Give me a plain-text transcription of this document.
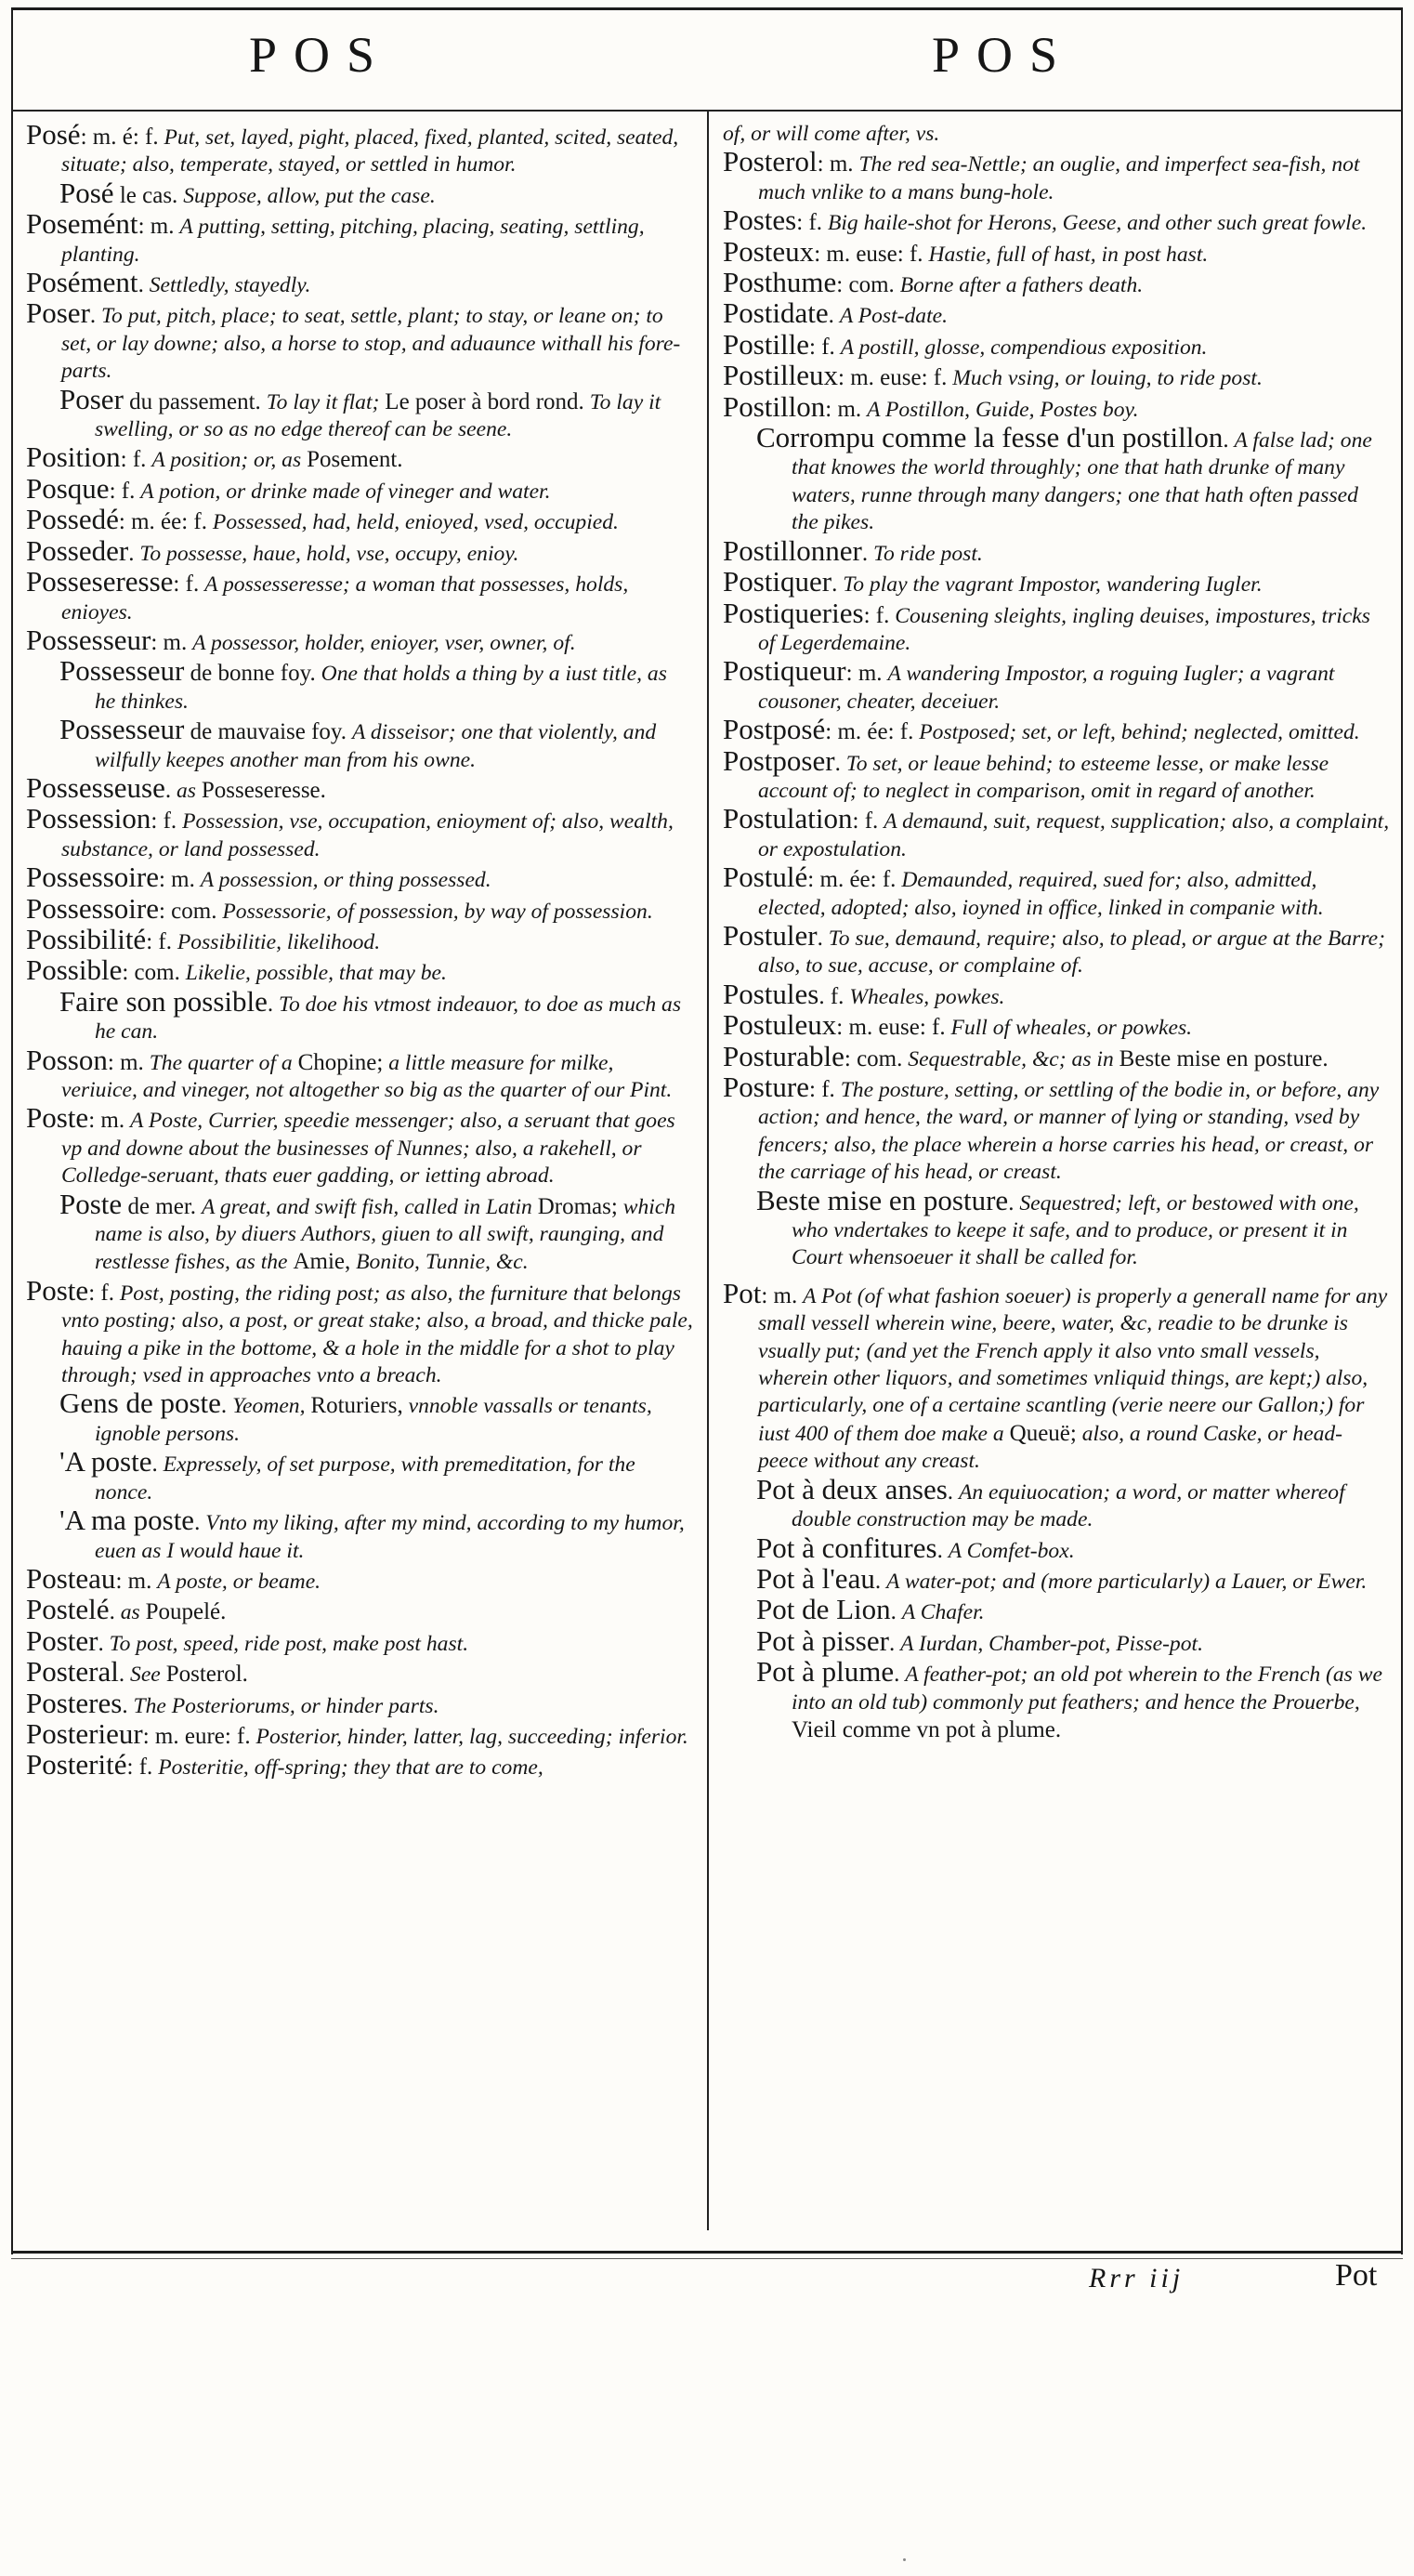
POS	POS

Posé: m. é: f. Put, set, layed, pight, placed, fixed, planted, scited, seated, situate; also, temperate, stayed, or settled in humor.

Posé le cas. Suppose, allow, put the case.

Posemént: m. A putting, setting, pitching, placing, seating, settling, planting.

Posément. Settledly, stayedly.

Poser. To put, pitch, place; to seat, settle, plant; to stay, or leane on; to set, or lay downe; also, a horse to stop, and aduaunce withall his fore-parts.

Poser du passement. To lay it flat; Le poser à bord rond. To lay it swelling, or so as no edge thereof can be seene.

Position: f. A position; or, as Posement.

Posque: f. A potion, or drinke made of vineger and water.

Possedé: m. ée: f. Possessed, had, held, enioyed, vsed, occupied.

Posseder. To possesse, haue, hold, vse, occupy, enioy.

Posseseresse: f. A possesseresse; a woman that possesses, holds, enioyes.

Possesseur: m. A possessor, holder, enioyer, vser, owner, of.

Possesseur de bonne foy. One that holds a thing by a iust title, as he thinkes.

Possesseur de mauvaise foy. A disseisor; one that violently, and wilfully keepes another man from his owne.

Possesseuse. as Posseseresse.

Possession: f. Possession, vse, occupation, enioyment of; also, wealth, substance, or land possessed.

Possessoire: m. A possession, or thing possessed.

Possessoire: com. Possessorie, of possession, by way of possession.

Possibilité: f. Possibilitie, likelihood.

Possible: com. Likelie, possible, that may be.

Faire son possible. To doe his vtmost indeauor, to doe as much as he can.

Posson: m. The quarter of a Chopine; a little measure for milke, veriuice, and vineger, not altogether so big as the quarter of our Pint.

Poste: m. A Poste, Currier, speedie messenger; also, a seruant that goes vp and downe about the businesses of Nunnes; also, a rakehell, or Colledge-seruant, thats euer gadding, or ietting abroad.

Poste de mer. A great, and swift fish, called in Latin Dromas; which name is also, by diuers Authors, giuen to all swift, raunging, and restlesse fishes, as the Amie, Bonito, Tunnie, &c.

Poste: f. Post, posting, the riding post; as also, the furniture that belongs vnto posting; also, a post, or great stake; also, a broad, and thicke pale, hauing a pike in the bottome, & a hole in the middle for a shot to play through; vsed in approaches vnto a breach.

Gens de poste. Yeomen, Roturiers, vnnoble vassalls or tenants, ignoble persons.

'A poste. Expressely, of set purpose, with premeditation, for the nonce.

'A ma poste. Vnto my liking, after my mind, according to my humor, euen as I would haue it.

Posteau: m. A poste, or beame.

Postelé. as Poupelé.

Poster. To post, speed, ride post, make post hast.

Posteral. See Posterol.

Posteres. The Posteriorums, or hinder parts.

Posterieur: m. eure: f. Posterior, hinder, latter, lag, succeeding; inferior.

Posterité: f. Posteritie, off-spring; they that are to come,

of, or will come after, vs.

Posterol: m. The red sea-Nettle; an ouglie, and imperfect sea-fish, not much vnlike to a mans bung-hole.

Postes: f. Big haile-shot for Herons, Geese, and other such great fowle.

Posteux: m. euse: f. Hastie, full of hast, in post hast.

Posthume: com. Borne after a fathers death.

Postidate. A Post-date.

Postille: f. A postill, glosse, compendious exposition.

Postilleux: m. euse: f. Much vsing, or louing, to ride post.

Postillon: m. A Postillon, Guide, Postes boy.

Corrompu comme la fesse d'un postillon. A false lad; one that knowes the world throughly; one that hath drunke of many waters, runne through many dangers; one that hath often passed the pikes.

Postillonner. To ride post.

Postiquer. To play the vagrant Impostor, wandering Iugler.

Postiqueries: f. Cousening sleights, ingling deuises, impostures, tricks of Legerdemaine.

Postiqueur: m. A wandering Impostor, a roguing Iugler; a vagrant cousoner, cheater, deceiuer.

Postposé: m. ée: f. Postposed; set, or left, behind; neglected, omitted.

Postposer. To set, or leaue behind; to esteeme lesse, or make lesse account of; to neglect in comparison, omit in regard of another.

Postulation: f. A demaund, suit, request, supplication; also, a complaint, or expostulation.

Postulé: m. ée: f. Demaunded, required, sued for; also, admitted, elected, adopted; also, ioyned in office, linked in companie with.

Postuler. To sue, demaund, require; also, to plead, or argue at the Barre; also, to sue, accuse, or complaine of.

Postules. f. Wheales, powkes.

Postuleux: m. euse: f. Full of wheales, or powkes.

Posturable: com. Sequestrable, &c; as in Beste mise en posture.

Posture: f. The posture, setting, or settling of the bodie in, or before, any action; and hence, the ward, or manner of lying or standing, vsed by fencers; also, the place wherein a horse carries his head, or creast, or the carriage of his head, or creast.

Beste mise en posture. Sequestred; left, or bestowed with one, who vndertakes to keepe it safe, and to produce, or present it in Court whensoeuer it shall be called for.

Pot: m. A Pot (of what fashion soeuer) is properly a generall name for any small vessell wherein wine, beere, water, &c, readie to be drunke is vsually put; (and yet the French apply it also vnto small vessels, wherein other liquors, and sometimes vnliquid things, are kept;) also, particularly, one of a certaine scantling (verie neere our Gallon;) for iust 400 of them doe make a Queuë; also, a round Caske, or head-peece without any creast.

Pot à deux anses. An equiuocation; a word, or matter whereof double construction may be made.

Pot à confitures. A Comfet-box.

Pot à l'eau. A water-pot; and (more particularly) a Lauer, or Ewer.

Pot de Lion. A Chafer.

Pot à pisser. A Iurdan, Chamber-pot, Pisse-pot.

Pot à plume. A feather-pot; an old pot wherein to the French (as we into an old tub) commonly put feathers; and hence the Prouerbe, Vieil comme vn pot à plume.

Rrr iij	Pot
